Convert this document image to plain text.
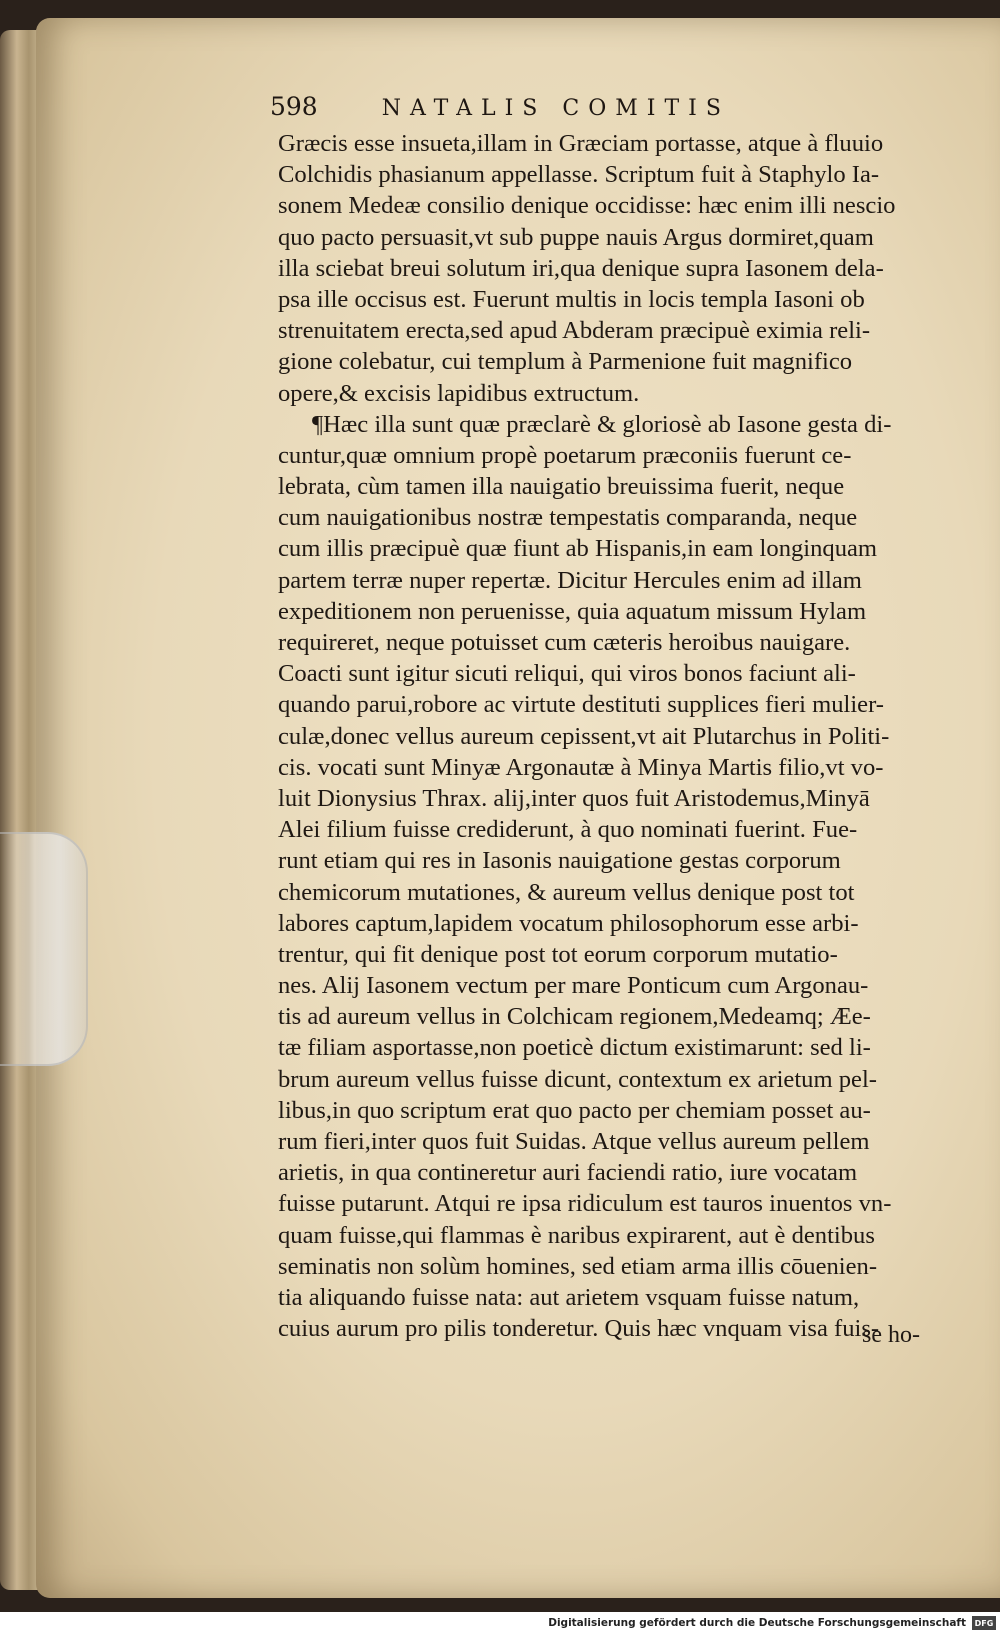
598	NATALIS COMITIS
Græcis esse insueta,illam in Græciam portasse, atque à fluuio
Colchidis phasianum appellasse. Scriptum fuit à Staphylo Ia-
sonem Medeæ consilio denique occidisse: hæc enim illi nescio
quo pacto persuasit,vt sub puppe nauis Argus dormiret,quam
illa sciebat breui solutum iri,qua denique supra Iasonem dela-
psa ille occisus est. Fuerunt multis in locis templa Iasoni ob
strenuitatem erecta,sed apud Abderam præcipuè eximia reli-
gione colebatur, cui templum à Parmenione fuit magnifico
opere,& excisis lapidibus extructum.
¶Hæc illa sunt quæ præclarè & gloriosè ab Iasone gesta di-
cuntur,quæ omnium propè poetarum præconiis fuerunt ce-
lebrata, cùm tamen illa nauigatio breuissima fuerit, neque
cum nauigationibus nostræ tempestatis comparanda, neque
cum illis præcipuè quæ fiunt ab Hispanis,in eam longinquam
partem terræ nuper repertæ. Dicitur Hercules enim ad illam
expeditionem non peruenisse, quia aquatum missum Hylam
requireret, neque potuisset cum cæteris heroibus nauigare.
Coacti sunt igitur sicuti reliqui, qui viros bonos faciunt ali-
quando parui,robore ac virtute destituti supplices fieri mulier-
culæ,donec vellus aureum cepissent,vt ait Plutarchus in Politi-
cis. vocati sunt Minyæ Argonautæ à Minya Martis filio,vt vo-
luit Dionysius Thrax. alij,inter quos fuit Aristodemus,Minyā
Alei filium fuisse crediderunt, à quo nominati fuerint. Fue-
runt etiam qui res in Iasonis nauigatione gestas corporum
chemicorum mutationes, & aureum vellus denique post tot
labores captum,lapidem vocatum philosophorum esse arbi-
trentur, qui fit denique post tot eorum corporum mutatio-
nes. Alij Iasonem vectum per mare Ponticum cum Argonau-
tis ad aureum vellus in Colchicam regionem,Medeamq; Æe-
tæ filiam asportasse,non poeticè dictum existimarunt: sed li-
brum aureum vellus fuisse dicunt, contextum ex arietum pel-
libus,in quo scriptum erat quo pacto per chemiam posset au-
rum fieri,inter quos fuit Suidas. Atque vellus aureum pellem
arietis, in qua contineretur auri faciendi ratio, iure vocatam
fuisse putarunt. Atqui re ipsa ridiculum est tauros inuentos vn-
quam fuisse,qui flammas è naribus expirarent, aut è dentibus
seminatis non solùm homines, sed etiam arma illis cōuenien-
tia aliquando fuisse nata: aut arietem vsquam fuisse natum,
cuius aurum pro pilis tonderetur. Quis hæc vnquam visa fuis-
se ho-
Digitalisierung gefördert durch die Deutsche Forschungsgemeinschaft	DFG
